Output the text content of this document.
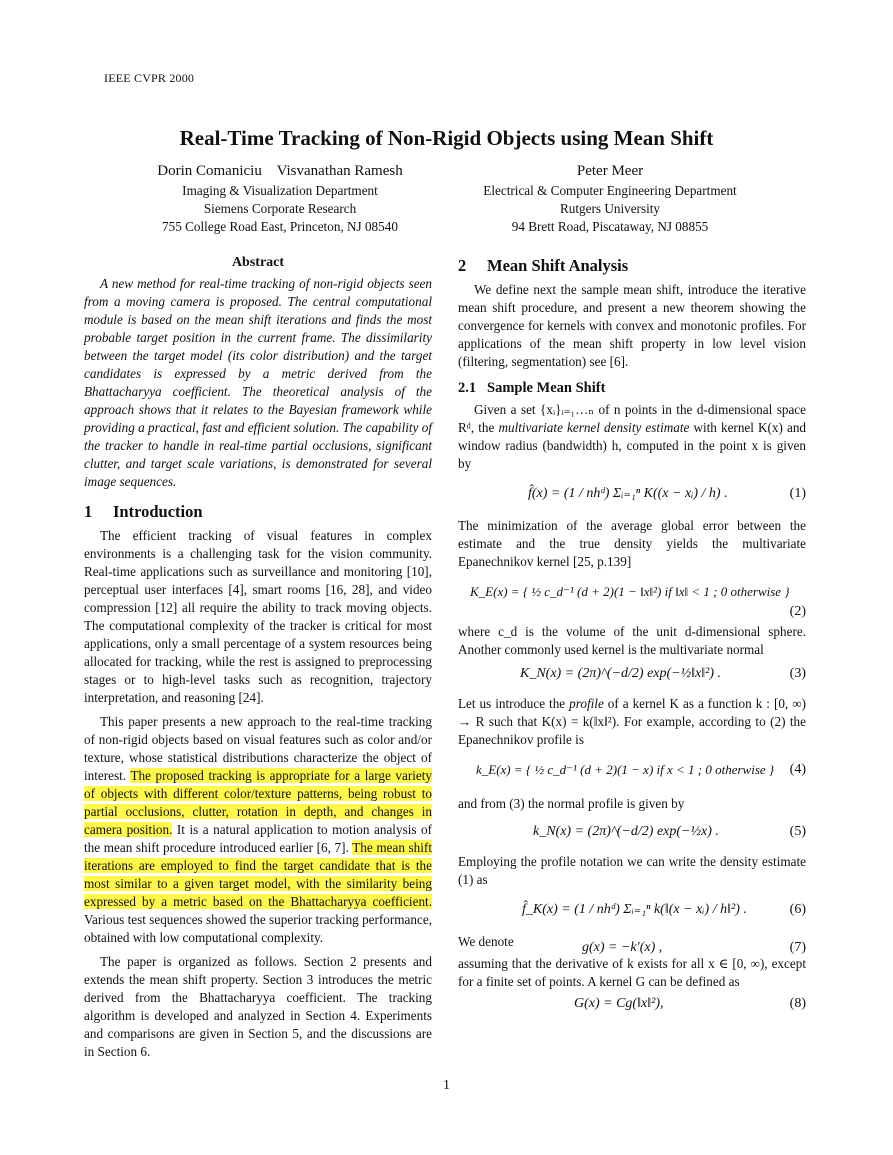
IEEE CVPR 2000
Real-Time Tracking of Non-Rigid Objects using Mean Shift
Dorin Comaniciu    Visvanathan Ramesh
Imaging & Visualization Department
Siemens Corporate Research
755 College Road East, Princeton, NJ 08540
Peter Meer
Electrical & Computer Engineering Department
Rutgers University
94 Brett Road, Piscataway, NJ 08855
Abstract

A new method for real-time tracking of non-rigid objects seen from a moving camera is proposed. The central computational module is based on the mean shift iterations and finds the most probable target position in the current frame. The dissimilarity between the target model (its color distribution) and the target candidates is expressed by a metric derived from the Bhattacharyya coefficient. The theoretical analysis of the approach shows that it relates to the Bayesian framework while providing a practical, fast and efficient solution. The capability of the tracker to handle in real-time partial occlusions, significant clutter, and target scale variations, is demonstrated for several image sequences.

1 Introduction

The efficient tracking of visual features in complex environments is a challenging task for the vision community. Real-time applications such as surveillance and monitoring [10], perceptual user interfaces [4], smart rooms [16, 28], and video compression [12] all require the ability to track moving objects. The computational complexity of the tracker is critical for most applications, only a small percentage of a system resources being allocated for tracking, while the rest is assigned to preprocessing stages or to high-level tasks such as recognition, trajectory interpretation, and reasoning [24].

This paper presents a new approach to the real-time tracking of non-rigid objects based on visual features such as color and/or texture, whose statistical distributions characterize the object of interest. The proposed tracking is appropriate for a large variety of objects with different color/texture patterns, being robust to partial occlusions, clutter, rotation in depth, and changes in camera position. It is a natural application to motion analysis of the mean shift procedure introduced earlier [6, 7]. The mean shift iterations are employed to find the target candidate that is the most similar to a given target model, with the similarity being expressed by a metric based on the Bhattacharyya coefficient. Various test sequences showed the superior tracking performance, obtained with low computational complexity.

The paper is organized as follows. Section 2 presents and extends the mean shift property. Section 3 introduces the metric derived from the Bhattacharyya coefficient. The tracking algorithm is developed and analyzed in Section 4. Experiments and comparisons are given in Section 5, and the discussions are in Section 6.

2 Mean Shift Analysis

We define next the sample mean shift, introduce the iterative mean shift procedure, and present a new theorem showing the convergence for kernels with convex and monotonic profiles. For applications of the mean shift property in low level vision (filtering, segmentation) see [6].

2.1 Sample Mean Shift

Given a set {xᵢ}ᵢ₌₁…ₙ of n points in the d-dimensional space Rᵈ, the multivariate kernel density estimate with kernel K(x) and window radius (bandwidth) h, computed in the point x is given by

f̂(x) = (1 / nhᵈ) Σᵢ₌₁ⁿ K((x − xᵢ) / h) .	(1)

The minimization of the average global error between the estimate and the true density yields the multivariate Epanechnikov kernel [25, p.139]

K_E(x) = { ½ c_d⁻¹ (d + 2)(1 − ‖x‖²) if ‖x‖ < 1 ; 0 otherwise }
(2)

where c_d is the volume of the unit d-dimensional sphere. Another commonly used kernel is the multivariate normal

K_N(x) = (2π)^(−d/2) exp(−½‖x‖²) .	(3)

Let us introduce the profile of a kernel K as a function k : [0, ∞) → R such that K(x) = k(‖x‖²). For example, according to (2) the Epanechnikov profile is

k_E(x) = { ½ c_d⁻¹ (d + 2)(1 − x) if x < 1 ; 0 otherwise } (4)

and from (3) the normal profile is given by

k_N(x) = (2π)^(−d/2) exp(−½x) .	(5)

Employing the profile notation we can write the density estimate (1) as

f̂_K(x) = (1 / nhᵈ) Σᵢ₌₁ⁿ k(‖(x − xᵢ) / h‖²) .	(6)
We denote	g(x) = −k′(x) ,	(7)

assuming that the derivative of k exists for all x ∈ [0, ∞), except for a finite set of points. A kernel G can be defined as

G(x) = Cg(‖x‖²),	(8)
1
